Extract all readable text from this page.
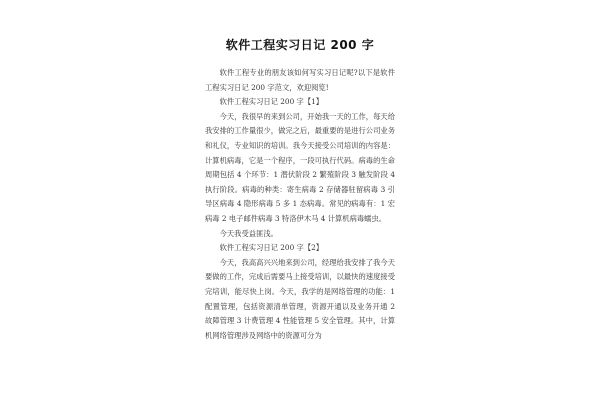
软件工程实习日记 200 字

软件工程专业的朋友该如何写实习日记呢?以下是软件工程实习日记 200 字范文，欢迎阅览!

软件工程实习日记 200 字【1】

今天，我很早的来到公司，开始我一天的工作，每天给我安排的工作量很少，做完之后，最重要的是进行公司业务和礼仪，专业知识的培训。我今天接受公司培训的内容是：计算机病毒，它是一个程序，一段可执行代码。病毒的生命周期包括 4 个环节：1 潜伏阶段 2 繁殖阶段 3 触发阶段 4 执行阶段。病毒的种类：寄生病毒 2 存储器驻留病毒 3 引导区病毒 4 隐形病毒 5 多 1 态病毒。常见的病毒有：1 宏病毒 2 电子邮件病毒 3 特洛伊木马 4 计算机病毒蠕虫。

今天我受益匪浅。

软件工程实习日记 200 字【2】

今天，我高高兴兴地来到公司，经理给我安排了我今天要做的工作，完成后需要马上接受培训，以最快的速度接受完培训，能尽快上岗。今天，我学的是网络管理的功能：1 配置管理，包括资源清单管理，资源开通以及业务开通 2 故障管理 3 计费管理 4 性能管理 5 安全管理。其中，计算机网络管理涉及网络中的资源可分为
